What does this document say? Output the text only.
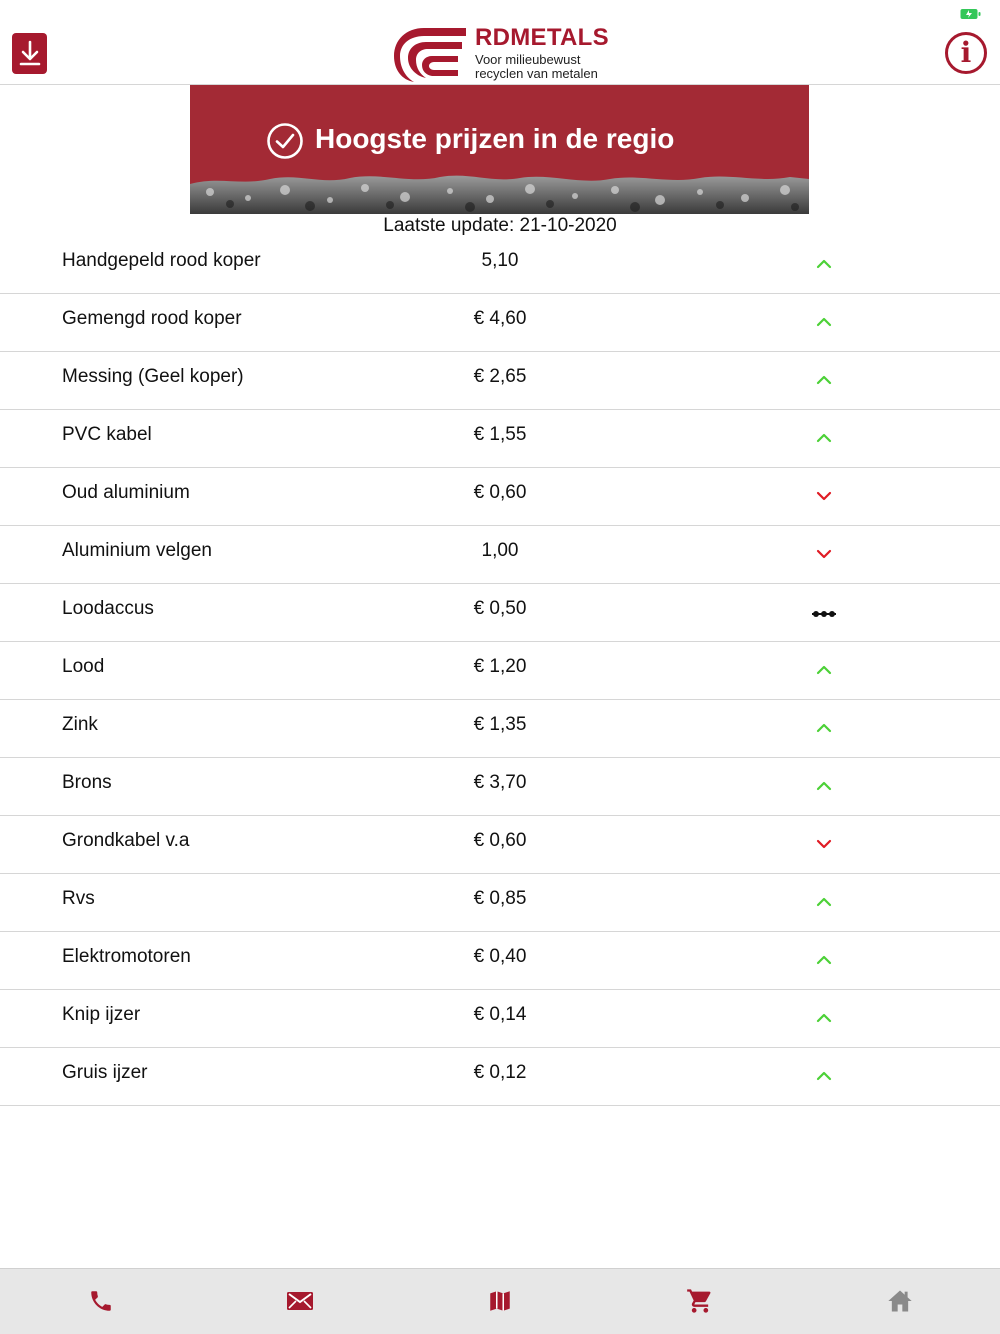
RDMETALS
Voor milieubewust
recyclen van metalen
i
Hoogste prijzen in de regio
Laatste update: 21-10-2020
Handgepeld rood koper	5,10
Gemengd rood koper	€ 4,60
Messing (Geel koper)	€ 2,65
PVC kabel	€ 1,55
Oud aluminium	€ 0,60
Aluminium velgen	1,00
Loodaccus	€ 0,50
Lood	€ 1,20
Zink	€ 1,35
Brons	€ 3,70
Grondkabel v.a	€ 0,60
Rvs	€ 0,85
Elektromotoren	€ 0,40
Knip ijzer	€ 0,14
Gruis ijzer	€ 0,12
